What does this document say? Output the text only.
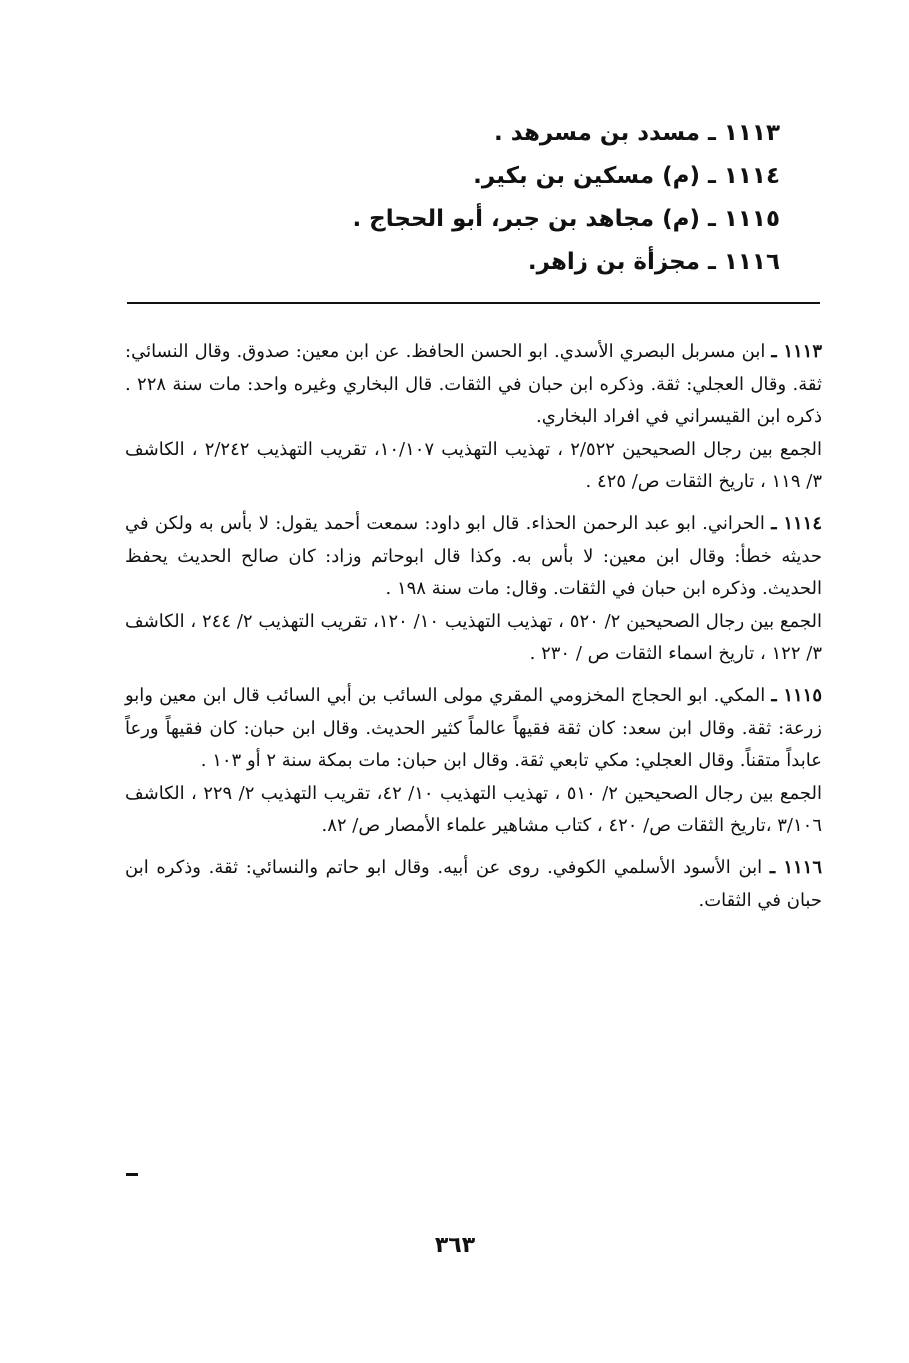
١١١٣ ـ مسدد بن مسرهد .
١١١٤ ـ (م) مسكين بن بكير.
١١١٥ ـ (م) مجاهد بن جبر، أبو الحجاج .
١١١٦ ـ مجزأة بن زاهر.

١١١٣ ـ ابن مسربل البصري الأسدي. ابو الحسن الحافظ. عن ابن معين: صدوق. وقال النسائي: ثقة. وقال العجلي: ثقة. وذكره ابن حبان في الثقات. قال البخاري وغيره واحد: مات سنة ٢٢٨ . ذكره ابن القيسراني في افراد البخاري.

الجمع بين رجال الصحيحين ٢/٥٢٢ ، تهذيب التهذيب ١٠/١٠٧، تقريب التهذيب ٢/٢٤٢ ، الكاشف ٣/ ١١٩ ، تاريخ الثقات ص/ ٤٢٥ .

١١١٤ ـ الحراني. ابو عبد الرحمن الحذاء. قال ابو داود: سمعت أحمد يقول: لا بأس به ولكن في حديثه خطأ: وقال ابن معين: لا بأس به. وكذا قال ابوحاتم وزاد: كان صالح الحديث يحفظ الحديث. وذكره ابن حبان في الثقات. وقال: مات سنة ١٩٨ .

الجمع بين رجال الصحيحين ٢/ ٥٢٠ ، تهذيب التهذيب ١٠/ ١٢٠، تقريب التهذيب ٢/ ٢٤٤ ، الكاشف ٣/ ١٢٢ ، تاريخ اسماء الثقات ص / ٢٣٠ .

١١١٥ ـ المكي. ابو الحجاج المخزومي المقري مولى السائب بن أبي السائب قال ابن معين وابو زرعة: ثقة. وقال ابن سعد: كان ثقة فقيهاً عالماً كثير الحديث. وقال ابن حبان: كان فقيهاً ورعاً عابداً متقناً. وقال العجلي: مكي تابعي ثقة. وقال ابن حبان: مات بمكة سنة ٢ أو ١٠٣ .

الجمع بين رجال الصحيحين ٢/ ٥١٠ ، تهذيب التهذيب ١٠/ ٤٢، تقريب التهذيب ٢/ ٢٢٩ ، الكاشف ٣/١٠٦ ،تاريخ الثقات ص/ ٤٢٠ ، كتاب مشاهير علماء الأمصار ص/ ٨٢.

١١١٦ ـ ابن الأسود الأسلمي الكوفي. روى عن أبيه. وقال ابو حاتم والنسائي: ثقة. وذكره ابن حبان في الثقات.

٣٦٣
